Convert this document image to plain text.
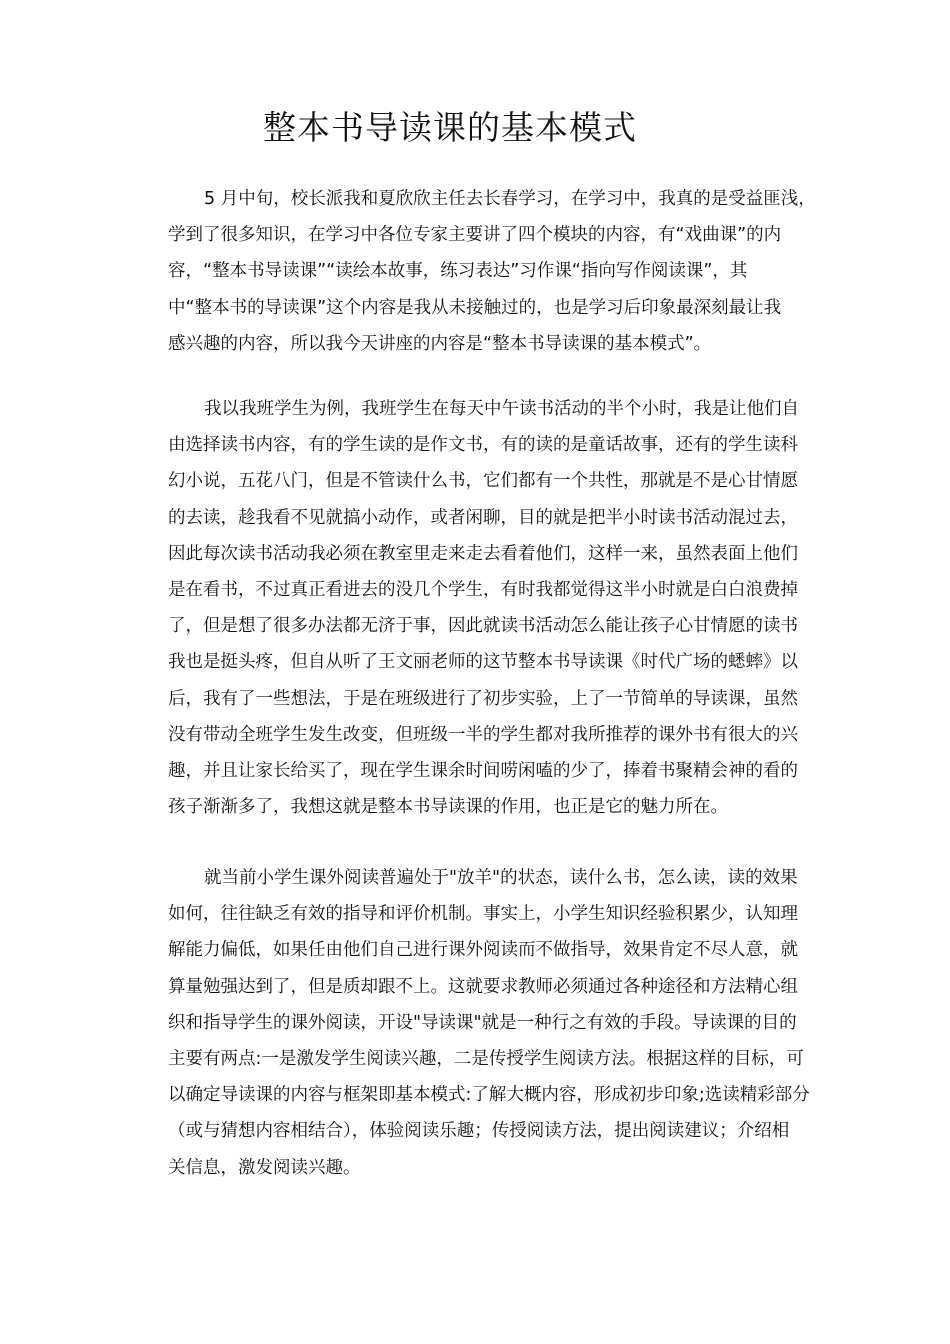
整本书导读课的基本模式
5 月中旬，校长派我和夏欣欣主任去长春学习，在学习中，我真的是受益匪浅，
学到了很多知识，在学习中各位专家主要讲了四个模块的内容，有“戏曲课”的内
容，“整本书导读课”“读绘本故事，练习表达”习作课“指向写作阅读课”，其
中“整本书的导读课”这个内容是我从未接触过的，也是学习后印象最深刻最让我
感兴趣的内容，所以我今天讲座的内容是“整本书导读课的基本模式”。
我以我班学生为例，我班学生在每天中午读书活动的半个小时，我是让他们自
由选择读书内容，有的学生读的是作文书，有的读的是童话故事，还有的学生读科
幻小说，五花八门，但是不管读什么书，它们都有一个共性，那就是不是心甘情愿
的去读，趁我看不见就搞小动作，或者闲聊，目的就是把半小时读书活动混过去，
因此每次读书活动我必须在教室里走来走去看着他们，这样一来，虽然表面上他们
是在看书，不过真正看进去的没几个学生，有时我都觉得这半小时就是白白浪费掉
了，但是想了很多办法都无济于事，因此就读书活动怎么能让孩子心甘情愿的读书
我也是挺头疼，但自从听了王文丽老师的这节整本书导读课《时代广场的蟋蟀》以
后，我有了一些想法，于是在班级进行了初步实验，上了一节简单的导读课，虽然
没有带动全班学生发生改变，但班级一半的学生都对我所推荐的课外书有很大的兴
趣，并且让家长给买了，现在学生课余时间唠闲嗑的少了，捧着书聚精会神的看的
孩子渐渐多了，我想这就是整本书导读课的作用，也正是它的魅力所在。
就当前小学生课外阅读普遍处于"放羊"的状态，读什么书，怎么读，读的效果
如何，往往缺乏有效的指导和评价机制。事实上，小学生知识经验积累少，认知理
解能力偏低，如果任由他们自己进行课外阅读而不做指导，效果肯定不尽人意，就
算量勉强达到了，但是质却跟不上。这就要求教师必须通过各种途径和方法精心组
织和指导学生的课外阅读，开设"导读课"就是一种行之有效的手段。导读课的目的
主要有两点:一是激发学生阅读兴趣，二是传授学生阅读方法。根据这样的目标，可
以确定导读课的内容与框架即基本模式:了解大概内容，形成初步印象;选读精彩部分
（或与猜想内容相结合），体验阅读乐趣；传授阅读方法，提出阅读建议；介绍相
关信息，激发阅读兴趣。
